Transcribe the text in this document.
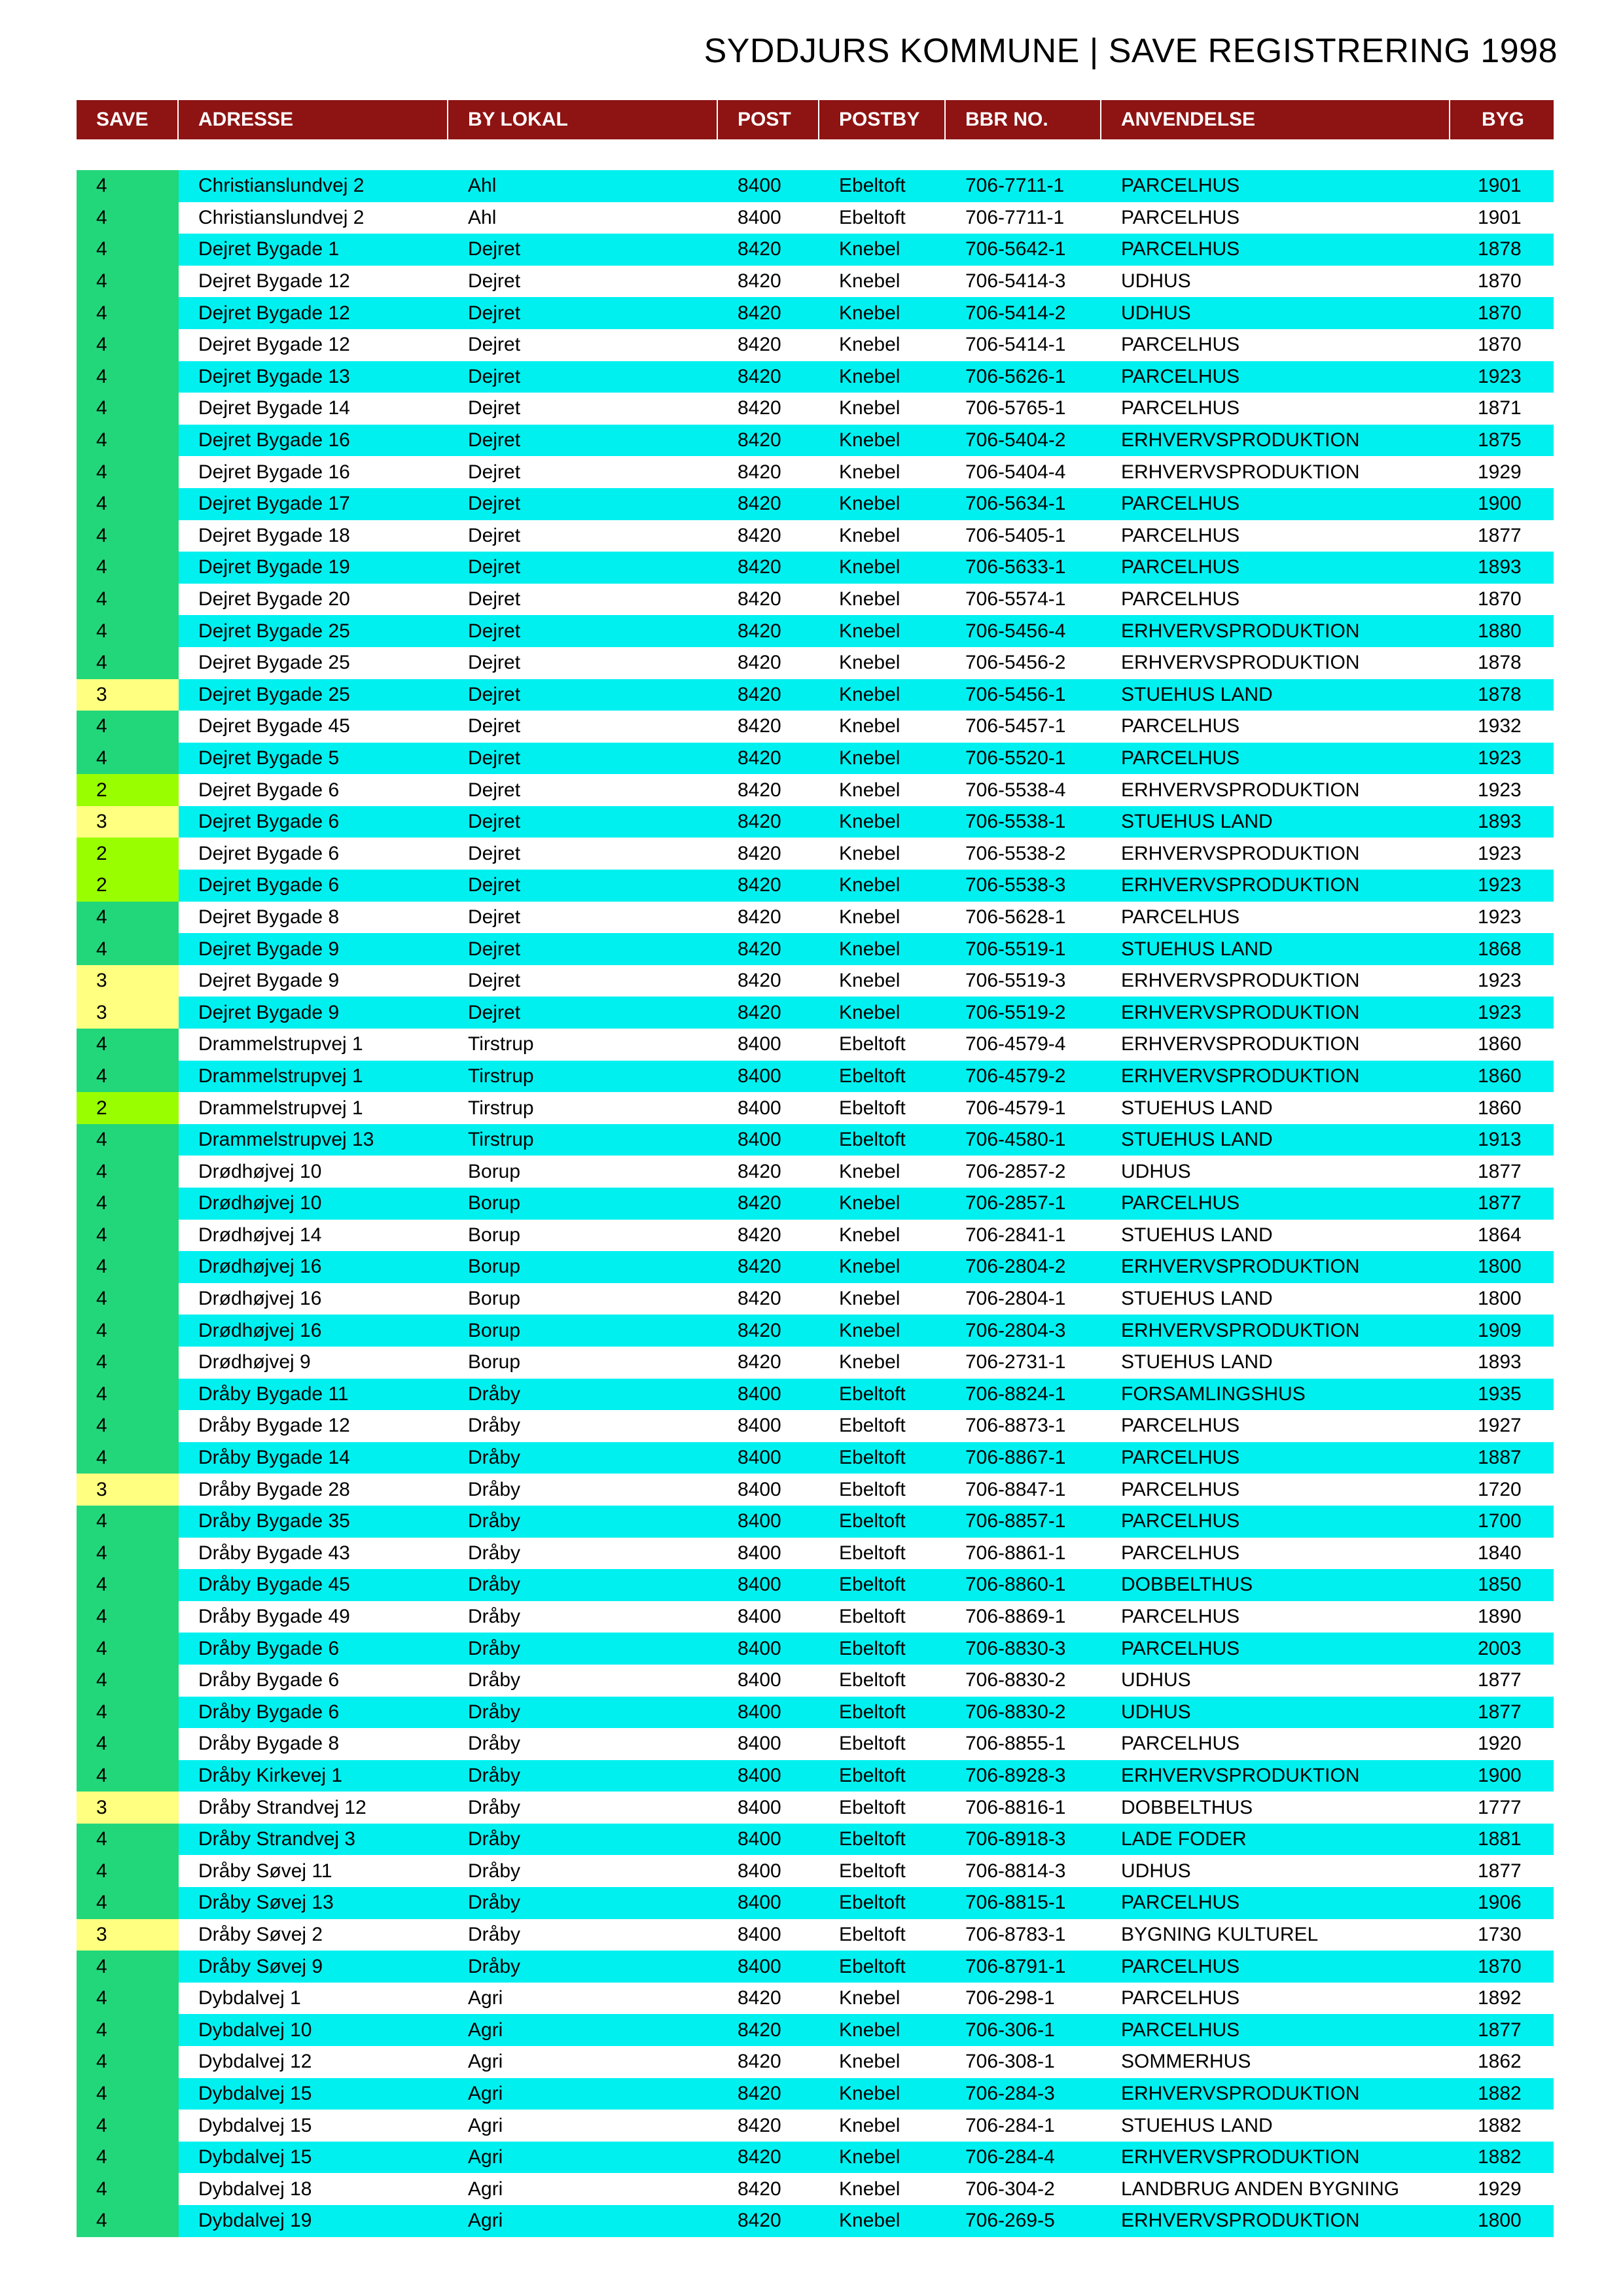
SYDDJURS KOMMUNE | SAVE REGISTRERING 1998
SAVE	ADRESSE	BY LOKAL	POST	POSTBY	BBR NO.	ANVENDELSE	BYG
4	Christianslundvej 2	Ahl	8400	Ebeltoft	706-7711-1	PARCELHUS	1901
4	Christianslundvej 2	Ahl	8400	Ebeltoft	706-7711-1	PARCELHUS	1901
4	Dejret Bygade 1	Dejret	8420	Knebel	706-5642-1	PARCELHUS	1878
4	Dejret Bygade 12	Dejret	8420	Knebel	706-5414-3	UDHUS	1870
4	Dejret Bygade 12	Dejret	8420	Knebel	706-5414-2	UDHUS	1870
4	Dejret Bygade 12	Dejret	8420	Knebel	706-5414-1	PARCELHUS	1870
4	Dejret Bygade 13	Dejret	8420	Knebel	706-5626-1	PARCELHUS	1923
4	Dejret Bygade 14	Dejret	8420	Knebel	706-5765-1	PARCELHUS	1871
4	Dejret Bygade 16	Dejret	8420	Knebel	706-5404-2	ERHVERVSPRODUKTION	1875
4	Dejret Bygade 16	Dejret	8420	Knebel	706-5404-4	ERHVERVSPRODUKTION	1929
4	Dejret Bygade 17	Dejret	8420	Knebel	706-5634-1	PARCELHUS	1900
4	Dejret Bygade 18	Dejret	8420	Knebel	706-5405-1	PARCELHUS	1877
4	Dejret Bygade 19	Dejret	8420	Knebel	706-5633-1	PARCELHUS	1893
4	Dejret Bygade 20	Dejret	8420	Knebel	706-5574-1	PARCELHUS	1870
4	Dejret Bygade 25	Dejret	8420	Knebel	706-5456-4	ERHVERVSPRODUKTION	1880
4	Dejret Bygade 25	Dejret	8420	Knebel	706-5456-2	ERHVERVSPRODUKTION	1878
3	Dejret Bygade 25	Dejret	8420	Knebel	706-5456-1	STUEHUS LAND	1878
4	Dejret Bygade 45	Dejret	8420	Knebel	706-5457-1	PARCELHUS	1932
4	Dejret Bygade 5	Dejret	8420	Knebel	706-5520-1	PARCELHUS	1923
2	Dejret Bygade 6	Dejret	8420	Knebel	706-5538-4	ERHVERVSPRODUKTION	1923
3	Dejret Bygade 6	Dejret	8420	Knebel	706-5538-1	STUEHUS LAND	1893
2	Dejret Bygade 6	Dejret	8420	Knebel	706-5538-2	ERHVERVSPRODUKTION	1923
2	Dejret Bygade 6	Dejret	8420	Knebel	706-5538-3	ERHVERVSPRODUKTION	1923
4	Dejret Bygade 8	Dejret	8420	Knebel	706-5628-1	PARCELHUS	1923
4	Dejret Bygade 9	Dejret	8420	Knebel	706-5519-1	STUEHUS LAND	1868
3	Dejret Bygade 9	Dejret	8420	Knebel	706-5519-3	ERHVERVSPRODUKTION	1923
3	Dejret Bygade 9	Dejret	8420	Knebel	706-5519-2	ERHVERVSPRODUKTION	1923
4	Drammelstrupvej 1	Tirstrup	8400	Ebeltoft	706-4579-4	ERHVERVSPRODUKTION	1860
4	Drammelstrupvej 1	Tirstrup	8400	Ebeltoft	706-4579-2	ERHVERVSPRODUKTION	1860
2	Drammelstrupvej 1	Tirstrup	8400	Ebeltoft	706-4579-1	STUEHUS LAND	1860
4	Drammelstrupvej 13	Tirstrup	8400	Ebeltoft	706-4580-1	STUEHUS LAND	1913
4	Drødhøjvej 10	Borup	8420	Knebel	706-2857-2	UDHUS	1877
4	Drødhøjvej 10	Borup	8420	Knebel	706-2857-1	PARCELHUS	1877
4	Drødhøjvej 14	Borup	8420	Knebel	706-2841-1	STUEHUS LAND	1864
4	Drødhøjvej 16	Borup	8420	Knebel	706-2804-2	ERHVERVSPRODUKTION	1800
4	Drødhøjvej 16	Borup	8420	Knebel	706-2804-1	STUEHUS LAND	1800
4	Drødhøjvej 16	Borup	8420	Knebel	706-2804-3	ERHVERVSPRODUKTION	1909
4	Drødhøjvej 9	Borup	8420	Knebel	706-2731-1	STUEHUS LAND	1893
4	Dråby Bygade 11	Dråby	8400	Ebeltoft	706-8824-1	FORSAMLINGSHUS	1935
4	Dråby Bygade 12	Dråby	8400	Ebeltoft	706-8873-1	PARCELHUS	1927
4	Dråby Bygade 14	Dråby	8400	Ebeltoft	706-8867-1	PARCELHUS	1887
3	Dråby Bygade 28	Dråby	8400	Ebeltoft	706-8847-1	PARCELHUS	1720
4	Dråby Bygade 35	Dråby	8400	Ebeltoft	706-8857-1	PARCELHUS	1700
4	Dråby Bygade 43	Dråby	8400	Ebeltoft	706-8861-1	PARCELHUS	1840
4	Dråby Bygade 45	Dråby	8400	Ebeltoft	706-8860-1	DOBBELTHUS	1850
4	Dråby Bygade 49	Dråby	8400	Ebeltoft	706-8869-1	PARCELHUS	1890
4	Dråby Bygade 6	Dråby	8400	Ebeltoft	706-8830-3	PARCELHUS	2003
4	Dråby Bygade 6	Dråby	8400	Ebeltoft	706-8830-2	UDHUS	1877
4	Dråby Bygade 6	Dråby	8400	Ebeltoft	706-8830-2	UDHUS	1877
4	Dråby Bygade 8	Dråby	8400	Ebeltoft	706-8855-1	PARCELHUS	1920
4	Dråby Kirkevej 1	Dråby	8400	Ebeltoft	706-8928-3	ERHVERVSPRODUKTION	1900
3	Dråby Strandvej 12	Dråby	8400	Ebeltoft	706-8816-1	DOBBELTHUS	1777
4	Dråby Strandvej 3	Dråby	8400	Ebeltoft	706-8918-3	LADE FODER	1881
4	Dråby Søvej 11	Dråby	8400	Ebeltoft	706-8814-3	UDHUS	1877
4	Dråby Søvej 13	Dråby	8400	Ebeltoft	706-8815-1	PARCELHUS	1906
3	Dråby Søvej 2	Dråby	8400	Ebeltoft	706-8783-1	BYGNING KULTUREL	1730
4	Dråby Søvej 9	Dråby	8400	Ebeltoft	706-8791-1	PARCELHUS	1870
4	Dybdalvej 1	Agri	8420	Knebel	706-298-1	PARCELHUS	1892
4	Dybdalvej 10	Agri	8420	Knebel	706-306-1	PARCELHUS	1877
4	Dybdalvej 12	Agri	8420	Knebel	706-308-1	SOMMERHUS	1862
4	Dybdalvej 15	Agri	8420	Knebel	706-284-3	ERHVERVSPRODUKTION	1882
4	Dybdalvej 15	Agri	8420	Knebel	706-284-1	STUEHUS LAND	1882
4	Dybdalvej 15	Agri	8420	Knebel	706-284-4	ERHVERVSPRODUKTION	1882
4	Dybdalvej 18	Agri	8420	Knebel	706-304-2	LANDBRUG ANDEN BYGNING	1929
4	Dybdalvej 19	Agri	8420	Knebel	706-269-5	ERHVERVSPRODUKTION	1800
